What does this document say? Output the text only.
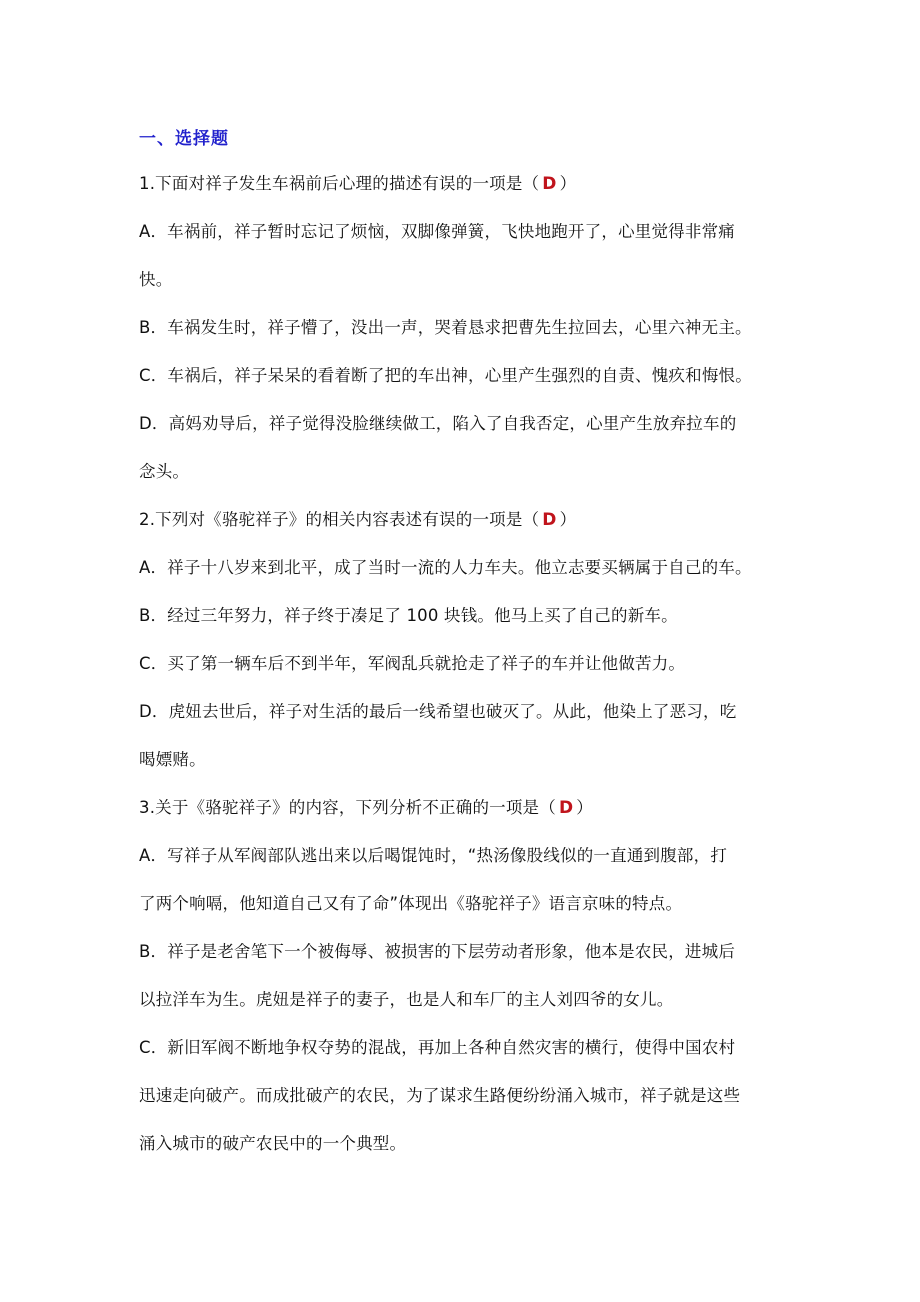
一、选择题
1.下面对祥子发生车祸前后心理的描述有误的一项是（ D ）
A．车祸前，祥子暂时忘记了烦恼，双脚像弹簧，飞快地跑开了，心里觉得非常痛
快。
B．车祸发生时，祥子懵了，没出一声，哭着恳求把曹先生拉回去，心里六神无主。
C．车祸后，祥子呆呆的看着断了把的车出神，心里产生强烈的自责、愧疚和悔恨。
D．高妈劝导后，祥子觉得没脸继续做工，陷入了自我否定，心里产生放弃拉车的
念头。
2.下列对《骆驼祥子》的相关内容表述有误的一项是（ D ）
A．祥子十八岁来到北平，成了当时一流的人力车夫。他立志要买辆属于自己的车。
B．经过三年努力，祥子终于凑足了 100 块钱。他马上买了自己的新车。
C．买了第一辆车后不到半年，军阀乱兵就抢走了祥子的车并让他做苦力。
D．虎妞去世后，祥子对生活的最后一线希望也破灭了。从此，他染上了恶习，吃
喝嫖赌。
3.关于《骆驼祥子》的内容，下列分析不正确的一项是（ D ）
A．写祥子从军阀部队逃出来以后喝馄饨时，“热汤像股线似的一直通到腹部，打
了两个响嗝，他知道自己又有了命”体现出《骆驼祥子》语言京味的特点。
B．祥子是老舍笔下一个被侮辱、被损害的下层劳动者形象，他本是农民，进城后
以拉洋车为生。虎妞是祥子的妻子，也是人和车厂的主人刘四爷的女儿。
C．新旧军阀不断地争权夺势的混战，再加上各种自然灾害的横行，使得中国农村
迅速走向破产。而成批破产的农民，为了谋求生路便纷纷涌入城市，祥子就是这些
涌入城市的破产农民中的一个典型。
